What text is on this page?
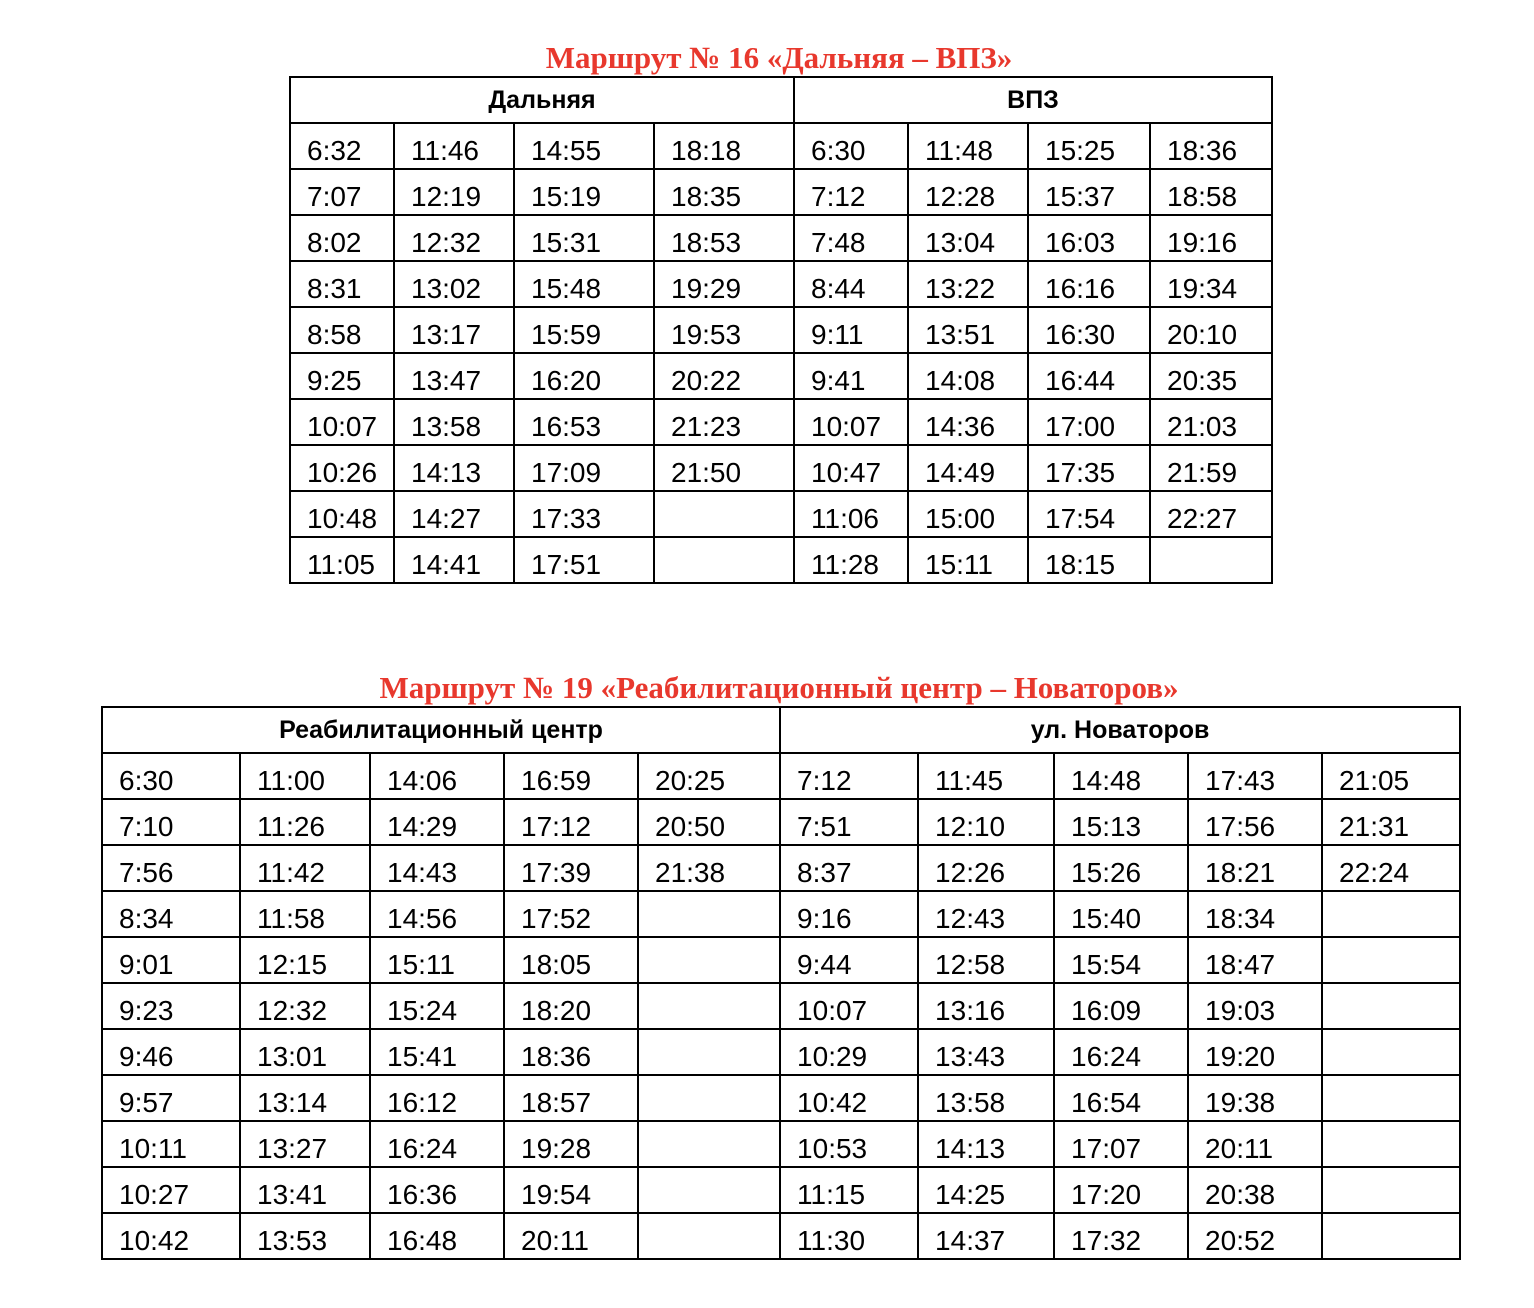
Маршрут № 16 «Дальняя – ВПЗ»
Дальняя				ВПЗ			
6:32	11:46	14:55	18:18	6:30	11:48	15:25	18:36
7:07	12:19	15:19	18:35	7:12	12:28	15:37	18:58
8:02	12:32	15:31	18:53	7:48	13:04	16:03	19:16
8:31	13:02	15:48	19:29	8:44	13:22	16:16	19:34
8:58	13:17	15:59	19:53	9:11	13:51	16:30	20:10
9:25	13:47	16:20	20:22	9:41	14:08	16:44	20:35
10:07	13:58	16:53	21:23	10:07	14:36	17:00	21:03
10:26	14:13	17:09	21:50	10:47	14:49	17:35	21:59
10:48	14:27	17:33		11:06	15:00	17:54	22:27
11:05	14:41	17:51		11:28	15:11	18:15	
Маршрут № 19 «Реабилитационный центр – Новаторов»
Реабилитационный центр					ул. Новаторов				
6:30	11:00	14:06	16:59	20:25	7:12	11:45	14:48	17:43	21:05
7:10	11:26	14:29	17:12	20:50	7:51	12:10	15:13	17:56	21:31
7:56	11:42	14:43	17:39	21:38	8:37	12:26	15:26	18:21	22:24
8:34	11:58	14:56	17:52		9:16	12:43	15:40	18:34	
9:01	12:15	15:11	18:05		9:44	12:58	15:54	18:47	
9:23	12:32	15:24	18:20		10:07	13:16	16:09	19:03	
9:46	13:01	15:41	18:36		10:29	13:43	16:24	19:20	
9:57	13:14	16:12	18:57		10:42	13:58	16:54	19:38	
10:11	13:27	16:24	19:28		10:53	14:13	17:07	20:11	
10:27	13:41	16:36	19:54		11:15	14:25	17:20	20:38	
10:42	13:53	16:48	20:11		11:30	14:37	17:32	20:52	
